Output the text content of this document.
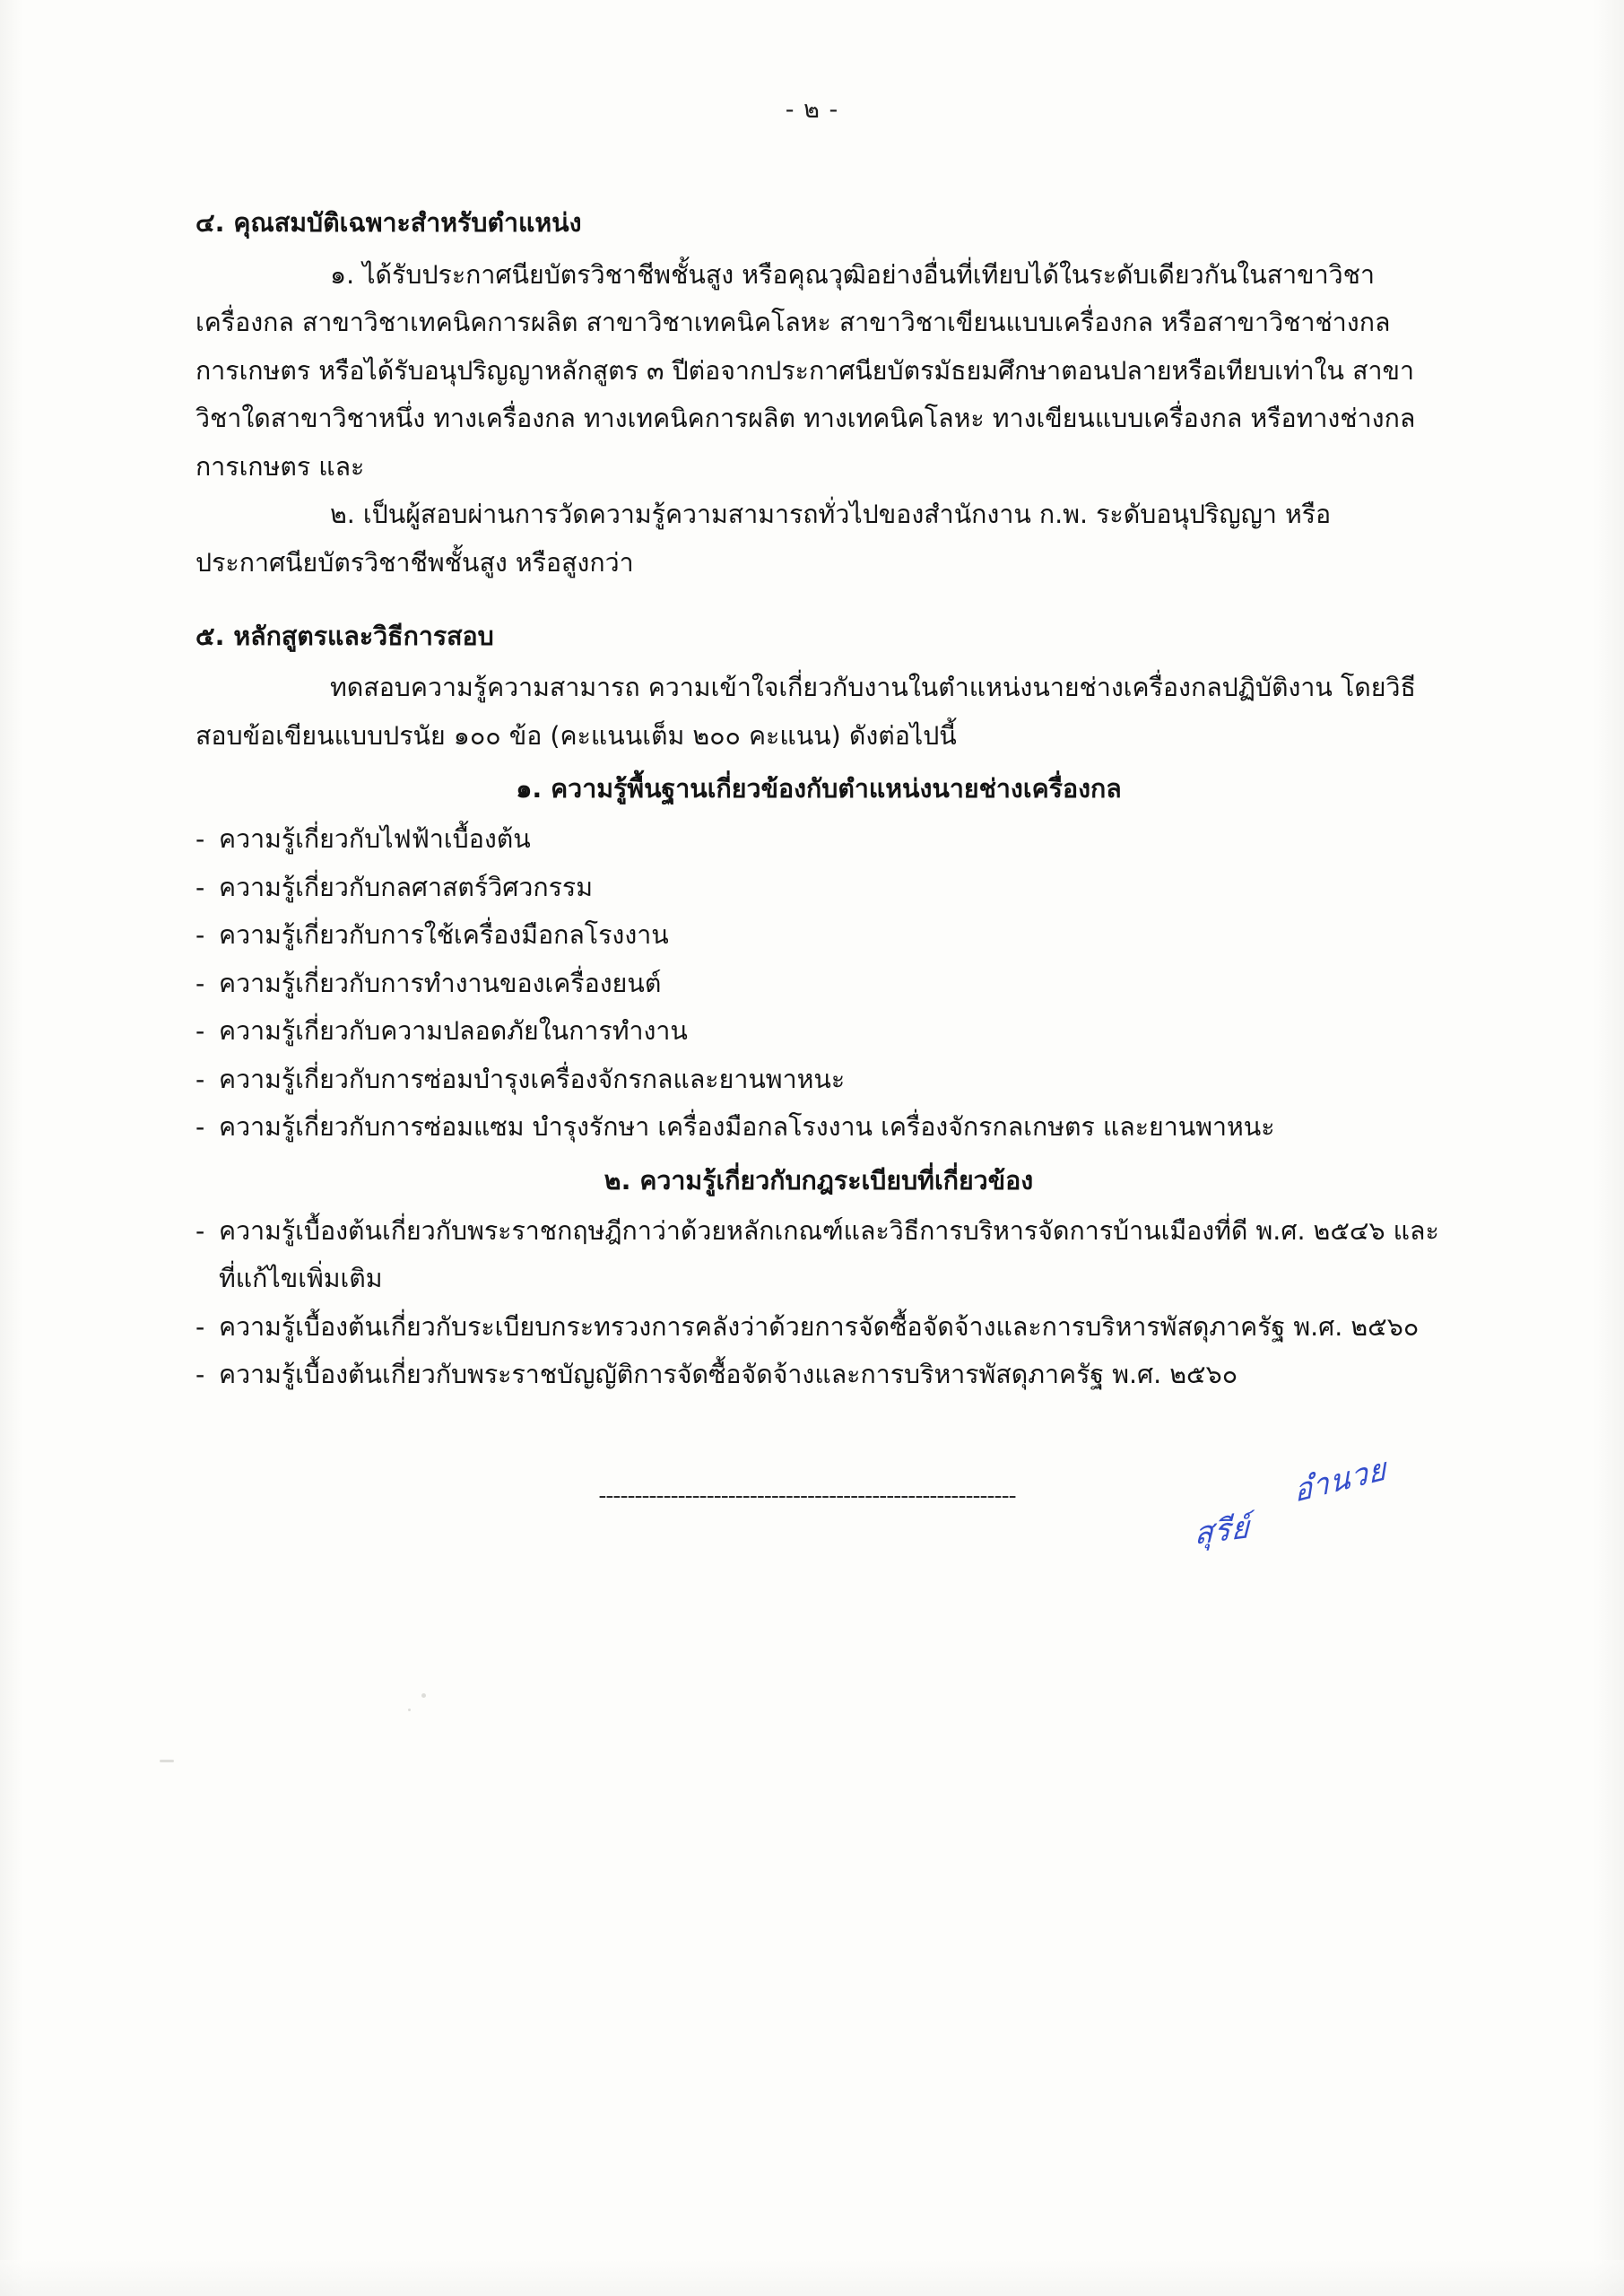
- ๒ -

๔. คุณสมบัติเฉพาะสำหรับตำแหน่ง

๑. ได้รับประกาศนียบัตรวิชาชีพชั้นสูง หรือคุณวุฒิอย่างอื่นที่เทียบได้ในระดับเดียวกันในสาขาวิชาเครื่องกล สาขาวิชาเทคนิคการผลิต สาขาวิชาเทคนิคโลหะ สาขาวิชาเขียนแบบเครื่องกล หรือสาขาวิชาช่างกลการเกษตร หรือได้รับอนุปริญญาหลักสูตร ๓ ปีต่อจากประกาศนียบัตรมัธยมศึกษาตอนปลายหรือเทียบเท่าใน สาขาวิชาใดสาขาวิชาหนึ่ง ทางเครื่องกล ทางเทคนิคการผลิต ทางเทคนิคโลหะ ทางเขียนแบบเครื่องกล หรือทางช่างกลการเกษตร และ

๒. เป็นผู้สอบผ่านการวัดความรู้ความสามารถทั่วไปของสำนักงาน ก.พ. ระดับอนุปริญญา หรือประกาศนียบัตรวิชาชีพชั้นสูง หรือสูงกว่า

๕. หลักสูตรและวิธีการสอบ

ทดสอบความรู้ความสามารถ ความเข้าใจเกี่ยวกับงานในตำแหน่งนายช่างเครื่องกลปฏิบัติงาน โดยวิธีสอบข้อเขียนแบบปรนัย ๑๐๐ ข้อ (คะแนนเต็ม ๒๐๐ คะแนน) ดังต่อไปนี้

๑. ความรู้พื้นฐานเกี่ยวข้องกับตำแหน่งนายช่างเครื่องกล

- ความรู้เกี่ยวกับไฟฟ้าเบื้องต้น
- ความรู้เกี่ยวกับกลศาสตร์วิศวกรรม
- ความรู้เกี่ยวกับการใช้เครื่องมือกลโรงงาน
- ความรู้เกี่ยวกับการทำงานของเครื่องยนต์
- ความรู้เกี่ยวกับความปลอดภัยในการทำงาน
- ความรู้เกี่ยวกับการซ่อมบำรุงเครื่องจักรกลและยานพาหนะ
- ความรู้เกี่ยวกับการซ่อมแซม บำรุงรักษา เครื่องมือกลโรงงาน เครื่องจักรกลเกษตร และยานพาหนะ

๒. ความรู้เกี่ยวกับกฎระเบียบที่เกี่ยวข้อง

- ความรู้เบื้องต้นเกี่ยวกับพระราชกฤษฎีกาว่าด้วยหลักเกณฑ์และวิธีการบริหารจัดการบ้านเมืองที่ดี พ.ศ. ๒๕๔๖ และที่แก้ไขเพิ่มเติม
- ความรู้เบื้องต้นเกี่ยวกับระเบียบกระทรวงการคลังว่าด้วยการจัดซื้อจัดจ้างและการบริหารพัสดุภาครัฐ พ.ศ. ๒๕๖๐
- ความรู้เบื้องต้นเกี่ยวกับพระราชบัญญัติการจัดซื้อจัดจ้างและการบริหารพัสดุภาครัฐ พ.ศ. ๒๕๖๐
----------------------------------------------------------
สุรีย์
อำนวย
